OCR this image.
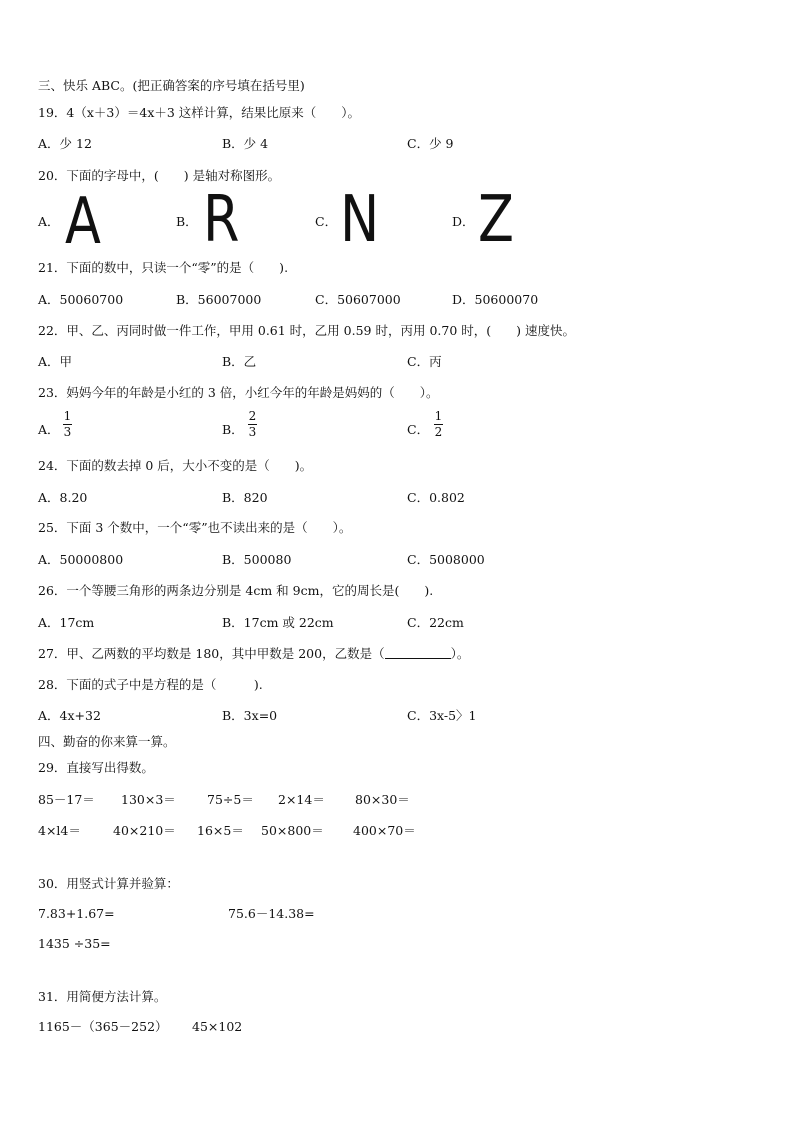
三、快乐 ABC。(把正确答案的序号填在括号里)
19．4（x＋3）＝4x＋3 这样计算，结果比原来（　　）。
A．少 12	B．少 4	C．少 9
20．下面的字母中，(　　) 是轴对称图形。
A． A	B． R	C． N	D． Z
21．下面的数中，只读一个“零”的是（　　).
A．50060700	B．56007000	C．50607000	D．50600070
22．甲、乙、丙同时做一件工作，甲用 0.61 时，乙用 0.59 时，丙用 0.70 时，(　　) 速度快。
A．甲	B．乙	C．丙
23．妈妈今年的年龄是小红的 3 倍，小红今年的年龄是妈妈的（　　）。
A．
1
3	B．
2
3	C．
1
2
24．下面的数去掉 0 后，大小不变的是（　　)。
A．8.20	B．820	C．0.802
25．下面 3 个数中，一个“零”也不读出来的是（　　）。
A．50000800	B．500080	C．5008000
26．一个等腰三角形的两条边分别是 4cm 和 9cm，它的周长是(　　).
A．17cm	B．17cm 或 22cm	C．22cm
27．甲、乙两数的平均数是 180，其中甲数是 200，乙数是（	）。
28．下面的式子中是方程的是（　　　).
A．4x+32	B．3x=0	C．3x-5〉1
四、勤奋的你来算一算。
29．直接写出得数。
85－17＝ 130×3＝ 75÷5＝ 2×14＝ 80×30＝
4×l4＝	40×210＝ 16×5＝ 50×800＝ 400×70＝
30．用竖式计算并验算：
7.83+1.67=	75.6－14.38=
1435 ÷35=
31．用简便方法计算。
1165－（365－252） 45×102
